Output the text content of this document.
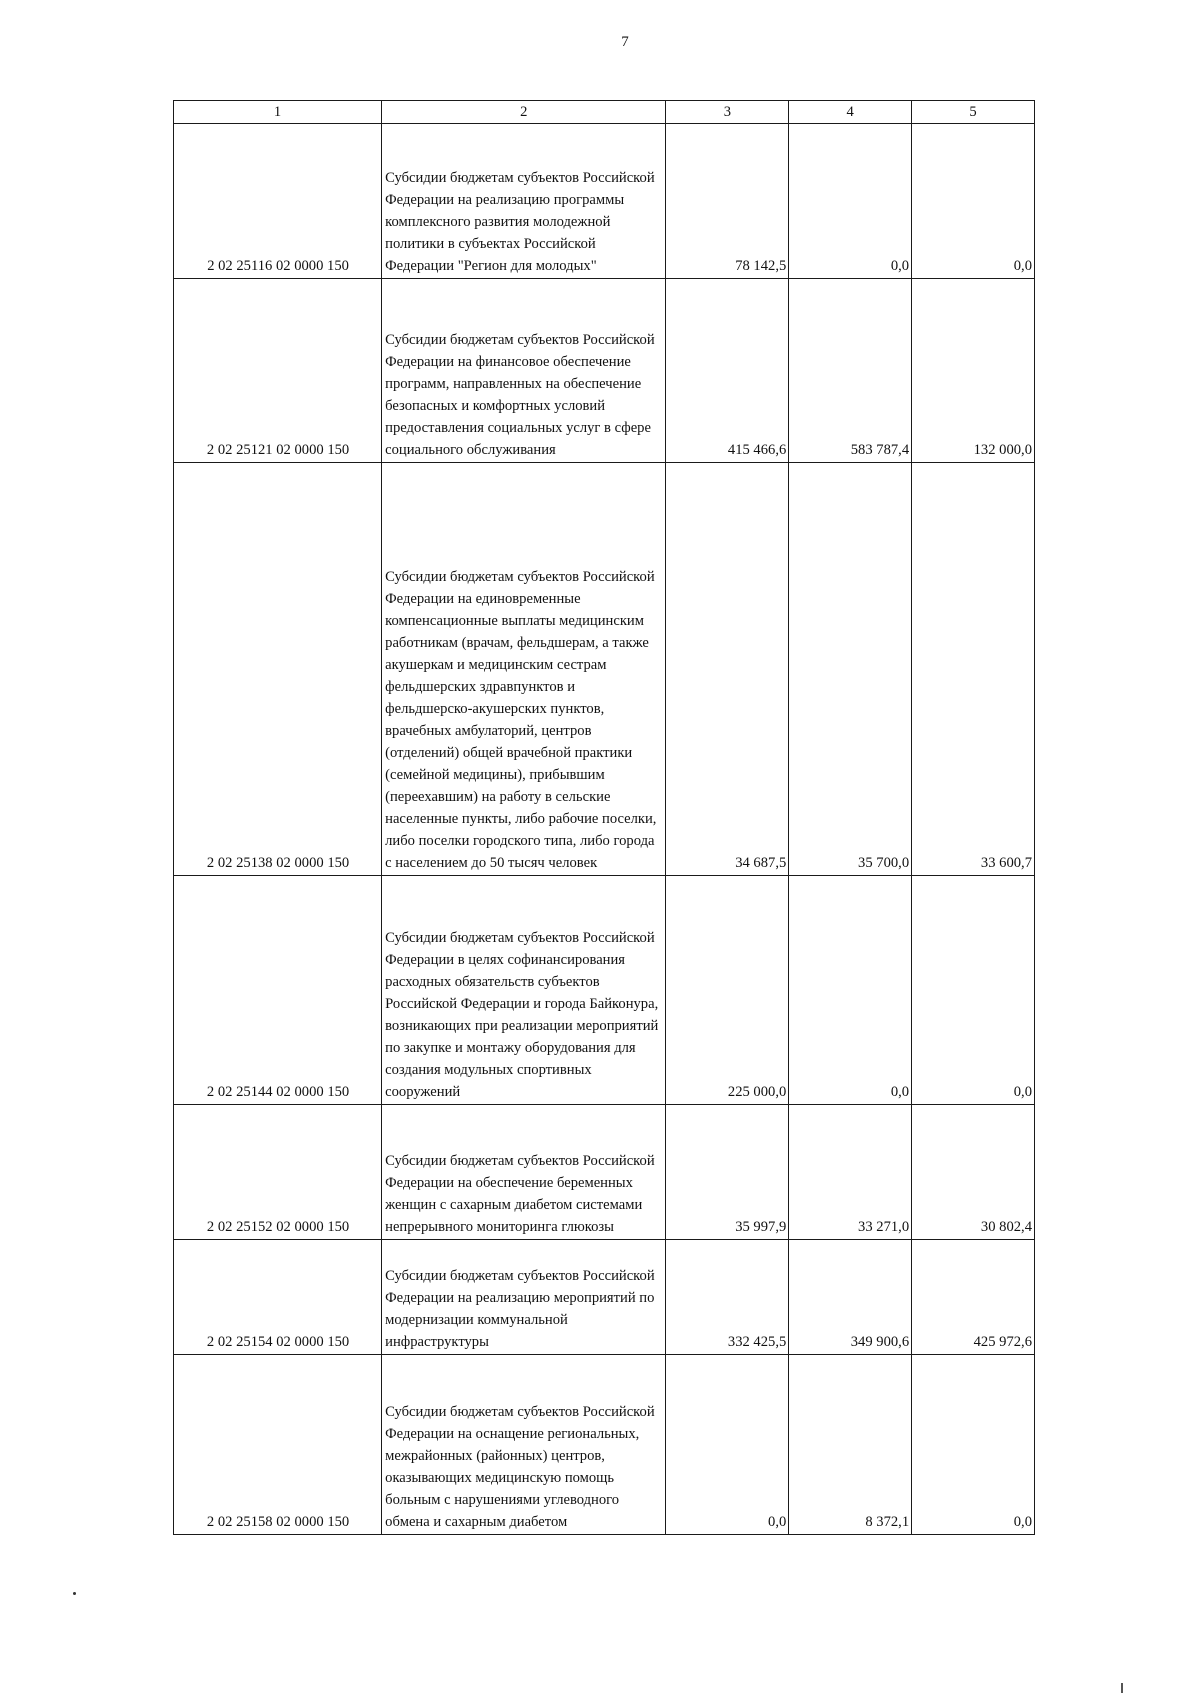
7
1	2	3	4	5
2 02 25116 02 0000 150	Субсидии бюджетам субъектов Российской Федерации на реализацию программы комплексного развития молодежной политики в субъектах Российской Федерации "Регион для молодых"	78 142,5	0,0	0,0
2 02 25121 02 0000 150	Субсидии бюджетам субъектов Российской Федерации на финансовое обеспечение программ, направленных на обеспечение безопасных и комфортных условий предоставления социальных услуг в сфере социального обслуживания	415 466,6	583 787,4	132 000,0
2 02 25138 02 0000 150	Субсидии бюджетам субъектов Российской Федерации на единовременные компенсационные выплаты медицинским работникам (врачам, фельдшерам, а также акушеркам и медицинским сестрам фельдшерских здравпунктов и фельдшерско-акушерских пунктов, врачебных амбулаторий, центров (отделений) общей врачебной практики (семейной медицины), прибывшим (переехавшим) на работу в сельские населенные пункты, либо рабочие поселки, либо поселки городского типа, либо города с населением до 50 тысяч человек	34 687,5	35 700,0	33 600,7
2 02 25144 02 0000 150	Субсидии бюджетам субъектов Российской Федерации в целях софинансирования расходных обязательств субъектов Российской Федерации и города Байконура, возникающих при реализации мероприятий по закупке и монтажу оборудования для создания модульных спортивных сооружений	225 000,0	0,0	0,0
2 02 25152 02 0000 150	Субсидии бюджетам субъектов Российской Федерации на обеспечение беременных женщин с сахарным диабетом системами непрерывного мониторинга глюкозы	35 997,9	33 271,0	30 802,4
2 02 25154 02 0000 150	Субсидии бюджетам субъектов Российской Федерации на реализацию мероприятий по модернизации коммунальной инфраструктуры	332 425,5	349 900,6	425 972,6
2 02 25158 02 0000 150	Субсидии бюджетам субъектов Российской Федерации на оснащение региональных, межрайонных (районных) центров, оказывающих медицинскую помощь больным с нарушениями углеводного обмена и сахарным диабетом	0,0	8 372,1	0,0
